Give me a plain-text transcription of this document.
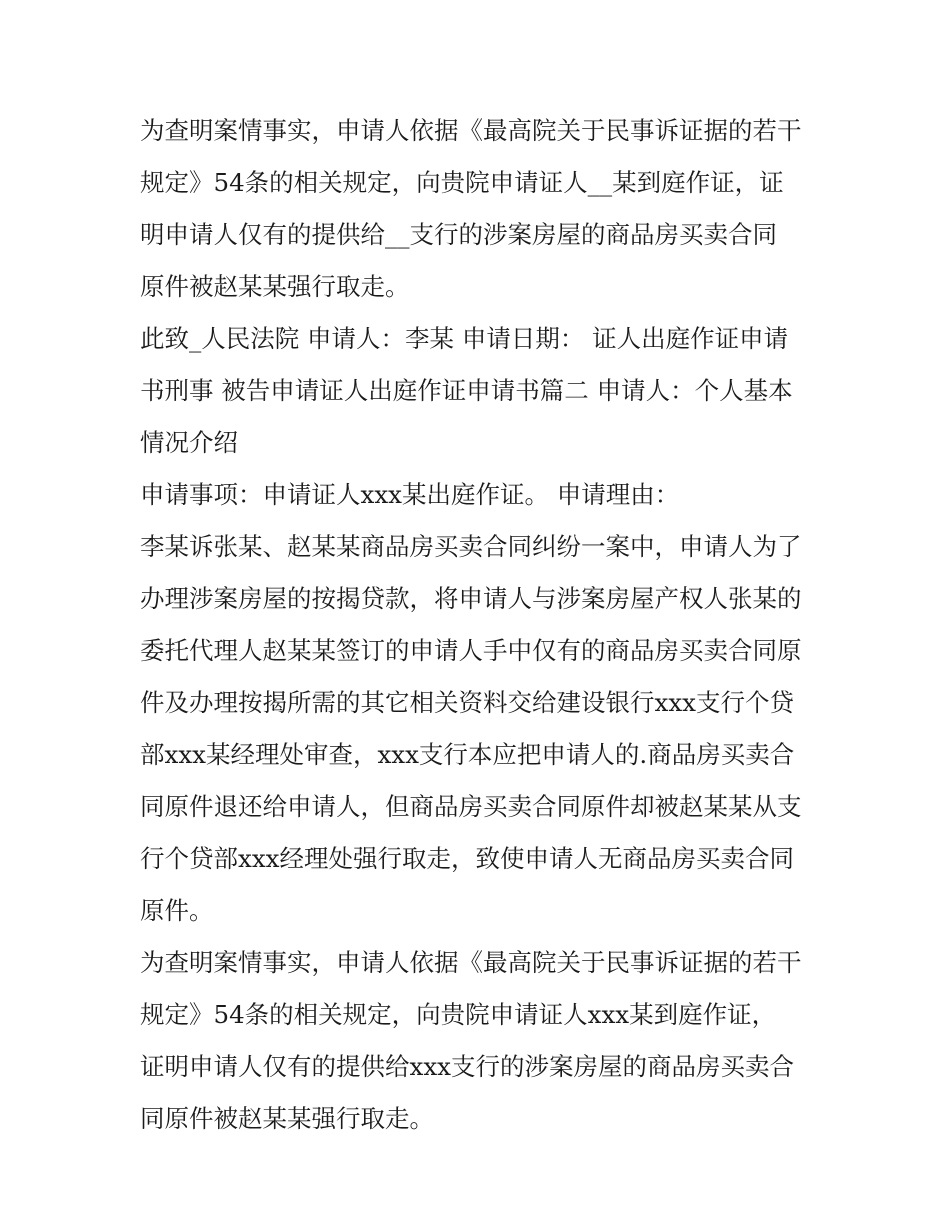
为查明案情事实，申请人依据《最高院关于民事诉证据的若干
规定》54条的相关规定，向贵院申请证人__某到庭作证，证
明申请人仅有的提供给__支行的涉案房屋的商品房买卖合同
原件被赵某某强行取走。
此致_人民法院 申请人：李某 申请日期： 证人出庭作证申请
书刑事 被告申请证人出庭作证申请书篇二 申请人：个人基本
情况介绍
申请事项：申请证人xxx某出庭作证。 申请理由：
李某诉张某、赵某某商品房买卖合同纠纷一案中，申请人为了
办理涉案房屋的按揭贷款，将申请人与涉案房屋产权人张某的
委托代理人赵某某签订的申请人手中仅有的商品房买卖合同原
件及办理按揭所需的其它相关资料交给建设银行xxx支行个贷
部xxx某经理处审查，xxx支行本应把申请人的.商品房买卖合
同原件退还给申请人，但商品房买卖合同原件却被赵某某从支
行个贷部xxx经理处强行取走，致使申请人无商品房买卖合同
原件。
为查明案情事实，申请人依据《最高院关于民事诉证据的若干
规定》54条的相关规定，向贵院申请证人xxx某到庭作证，
证明申请人仅有的提供给xxx支行的涉案房屋的商品房买卖合
同原件被赵某某强行取走。
